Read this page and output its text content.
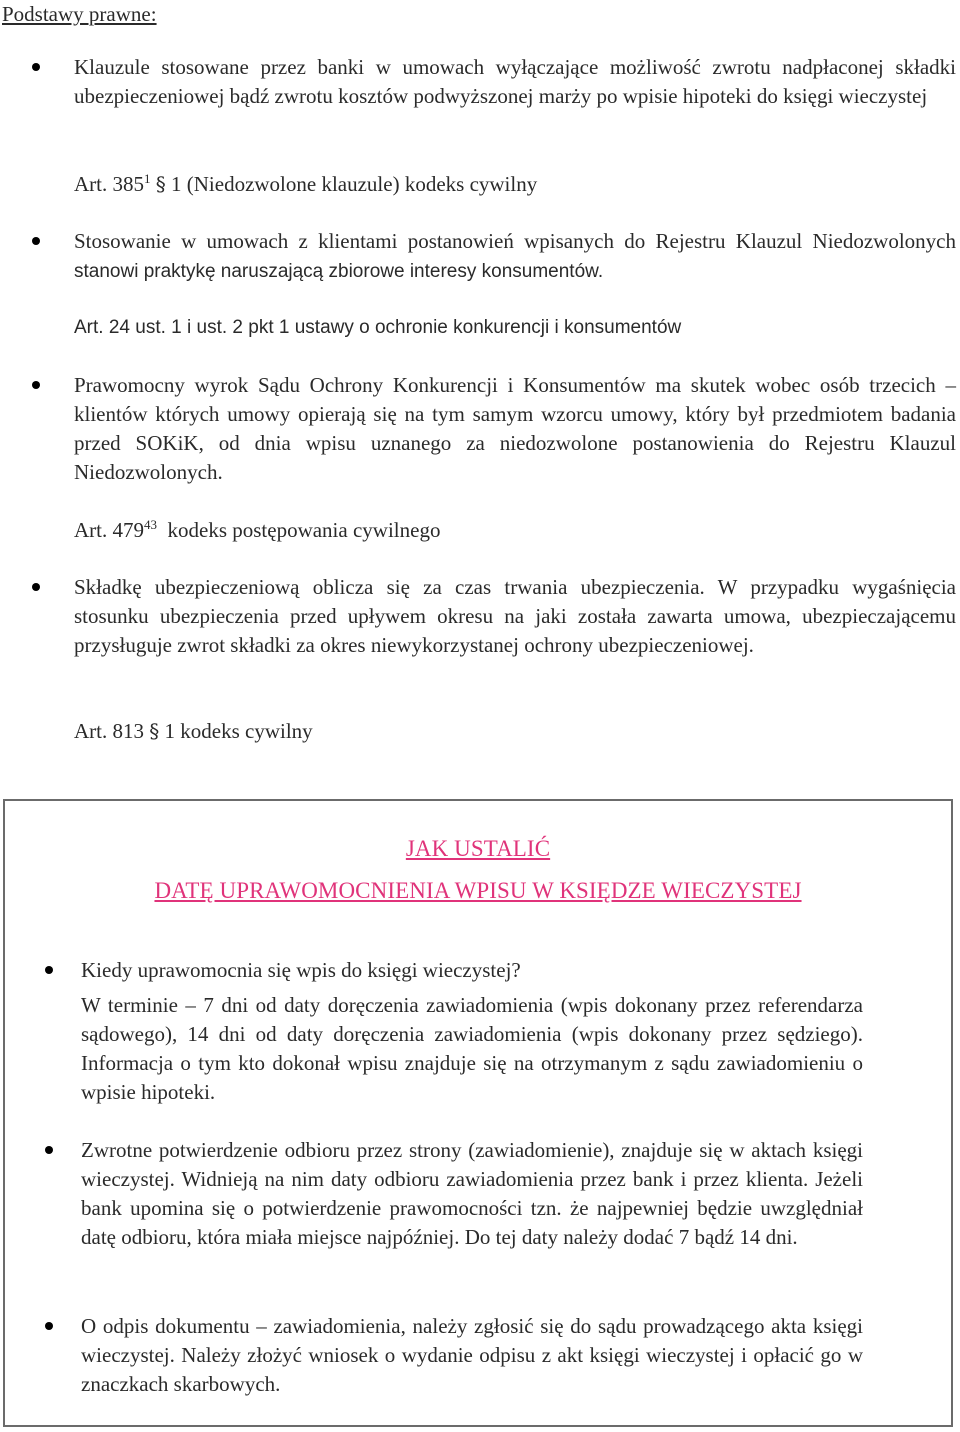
Podstawy prawne:
Klauzule stosowane przez banki w umowach wyłączające możliwość zwrotu nadpłaconej składki ubezpieczeniowej bądź zwrotu kosztów podwyższonej marży po wpisie hipoteki do księgi wieczystej
Art. $385^1$ § 1 (Niedozwolone klauzule) kodeks cywilny
Stosowanie w umowach z klientami postanowień wpisanych do Rejestru Klauzul Niedozwolonych stanowi praktykę naruszającą zbiorowe interesy konsumentów.
Art. 24 ust. 1 i ust. 2 pkt 1 ustawy o ochronie konkurencji i konsumentów
Prawomocny wyrok Sądu Ochrony Konkurencji i Konsumentów ma skutek wobec osób trzecich – klientów których umowy opierają się na tym samym wzorcu umowy, który był przedmiotem badania przed SOKiK, od dnia wpisu uznanego za niedozwolone postanowienia do Rejestru Klauzul Niedozwolonych.
Art. $479^{43}$ kodeks postępowania cywilnego
Składkę ubezpieczeniową oblicza się za czas trwania ubezpieczenia. W przypadku wygaśnięcia stosunku ubezpieczenia przed upływem okresu na jaki została zawarta umowa, ubezpieczającemu przysługuje zwrot składki za okres niewykorzystanej ochrony ubezpieczeniowej.
Art. 813 § 1 kodeks cywilny
JAK USTALIĆ
DATĘ UPRAWOMOCNIENIA WPISU W KSIĘDZE WIECZYSTEJ
Kiedy uprawomocnia się wpis do księgi wieczystej?
W terminie – 7 dni od daty doręczenia zawiadomienia (wpis dokonany przez referendarza sądowego), 14 dni od daty doręczenia zawiadomienia (wpis dokonany przez sędziego). Informacja o tym kto dokonał wpisu znajduje się na otrzymanym z sądu zawiadomieniu o wpisie hipoteki.
Zwrotne potwierdzenie odbioru przez strony (zawiadomienie), znajduje się w aktach księgi wieczystej. Widnieją na nim daty odbioru zawiadomienia przez bank i przez klienta. Jeżeli bank upomina się o potwierdzenie prawomocności tzn. że najpewniej będzie uwzględniał datę odbioru, która miała miejsce najpóźniej. Do tej daty należy dodać 7 bądź 14 dni.
O odpis dokumentu – zawiadomienia, należy zgłosić się do sądu prowadzącego akta księgi wieczystej. Należy złożyć wniosek o wydanie odpisu z akt księgi wieczystej i opłacić go w znaczkach skarbowych.
